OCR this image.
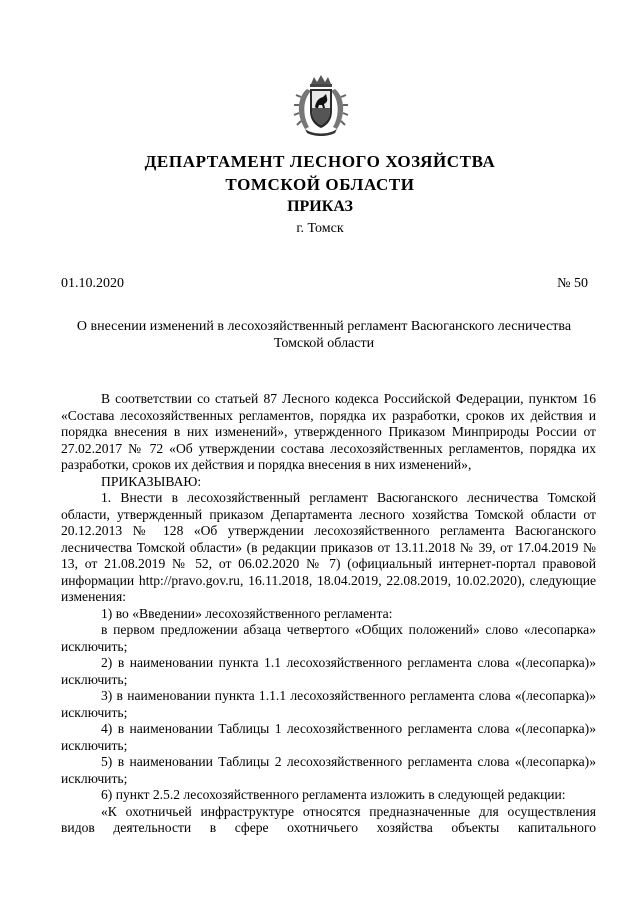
ДЕПАРТАМЕНТ ЛЕСНОГО ХОЗЯЙСТВА
ТОМСКОЙ ОБЛАСТИ
ПРИКАЗ
г. Томск
01.10.2020	№ 50
О внесении изменений в лесохозяйственный регламент Васюганского лесничества Томской области

В соответствии со статьей 87 Лесного кодекса Российской Федерации, пунктом 16 «Состава лесохозяйственных регламентов, порядка их разработки, сроков их действия и порядка внесения в них изменений», утвержденного Приказом Минприроды России от 27.02.2017 № 72 «Об утверждении состава лесохозяйственных регламентов, порядка их разработки, сроков их действия и порядка внесения в них изменений»,

ПРИКАЗЫВАЮ:

1. Внести в лесохозяйственный регламент Васюганского лесничества Томской области, утвержденный приказом Департамента лесного хозяйства Томской области от 20.12.2013 № 128 «Об утверждении лесохозяйственного регламента Васюганского лесничества Томской области» (в редакции приказов от 13.11.2018 № 39, от 17.04.2019 № 13, от 21.08.2019 № 52, от 06.02.2020 № 7) (официальный интернет-портал правовой информации http://pravo.gov.ru, 16.11.2018, 18.04.2019, 22.08.2019, 10.02.2020), следующие изменения:

1) во «Введении» лесохозяйственного регламента:

в первом предложении абзаца четвертого «Общих положений» слово «лесопарка» исключить;

2) в наименовании пункта 1.1 лесохозяйственного регламента слова «(лесопарка)» исключить;

3) в наименовании пункта 1.1.1 лесохозяйственного регламента слова «(лесопарка)» исключить;

4) в наименовании Таблицы 1 лесохозяйственного регламента слова «(лесопарка)» исключить;

5) в наименовании Таблицы 2 лесохозяйственного регламента слова «(лесопарка)» исключить;

6) пункт 2.5.2 лесохозяйственного регламента изложить в следующей редакции:

«К охотничьей инфраструктуре относятся предназначенные для осуществления видов деятельности в сфере охотничьего хозяйства объекты капитального
